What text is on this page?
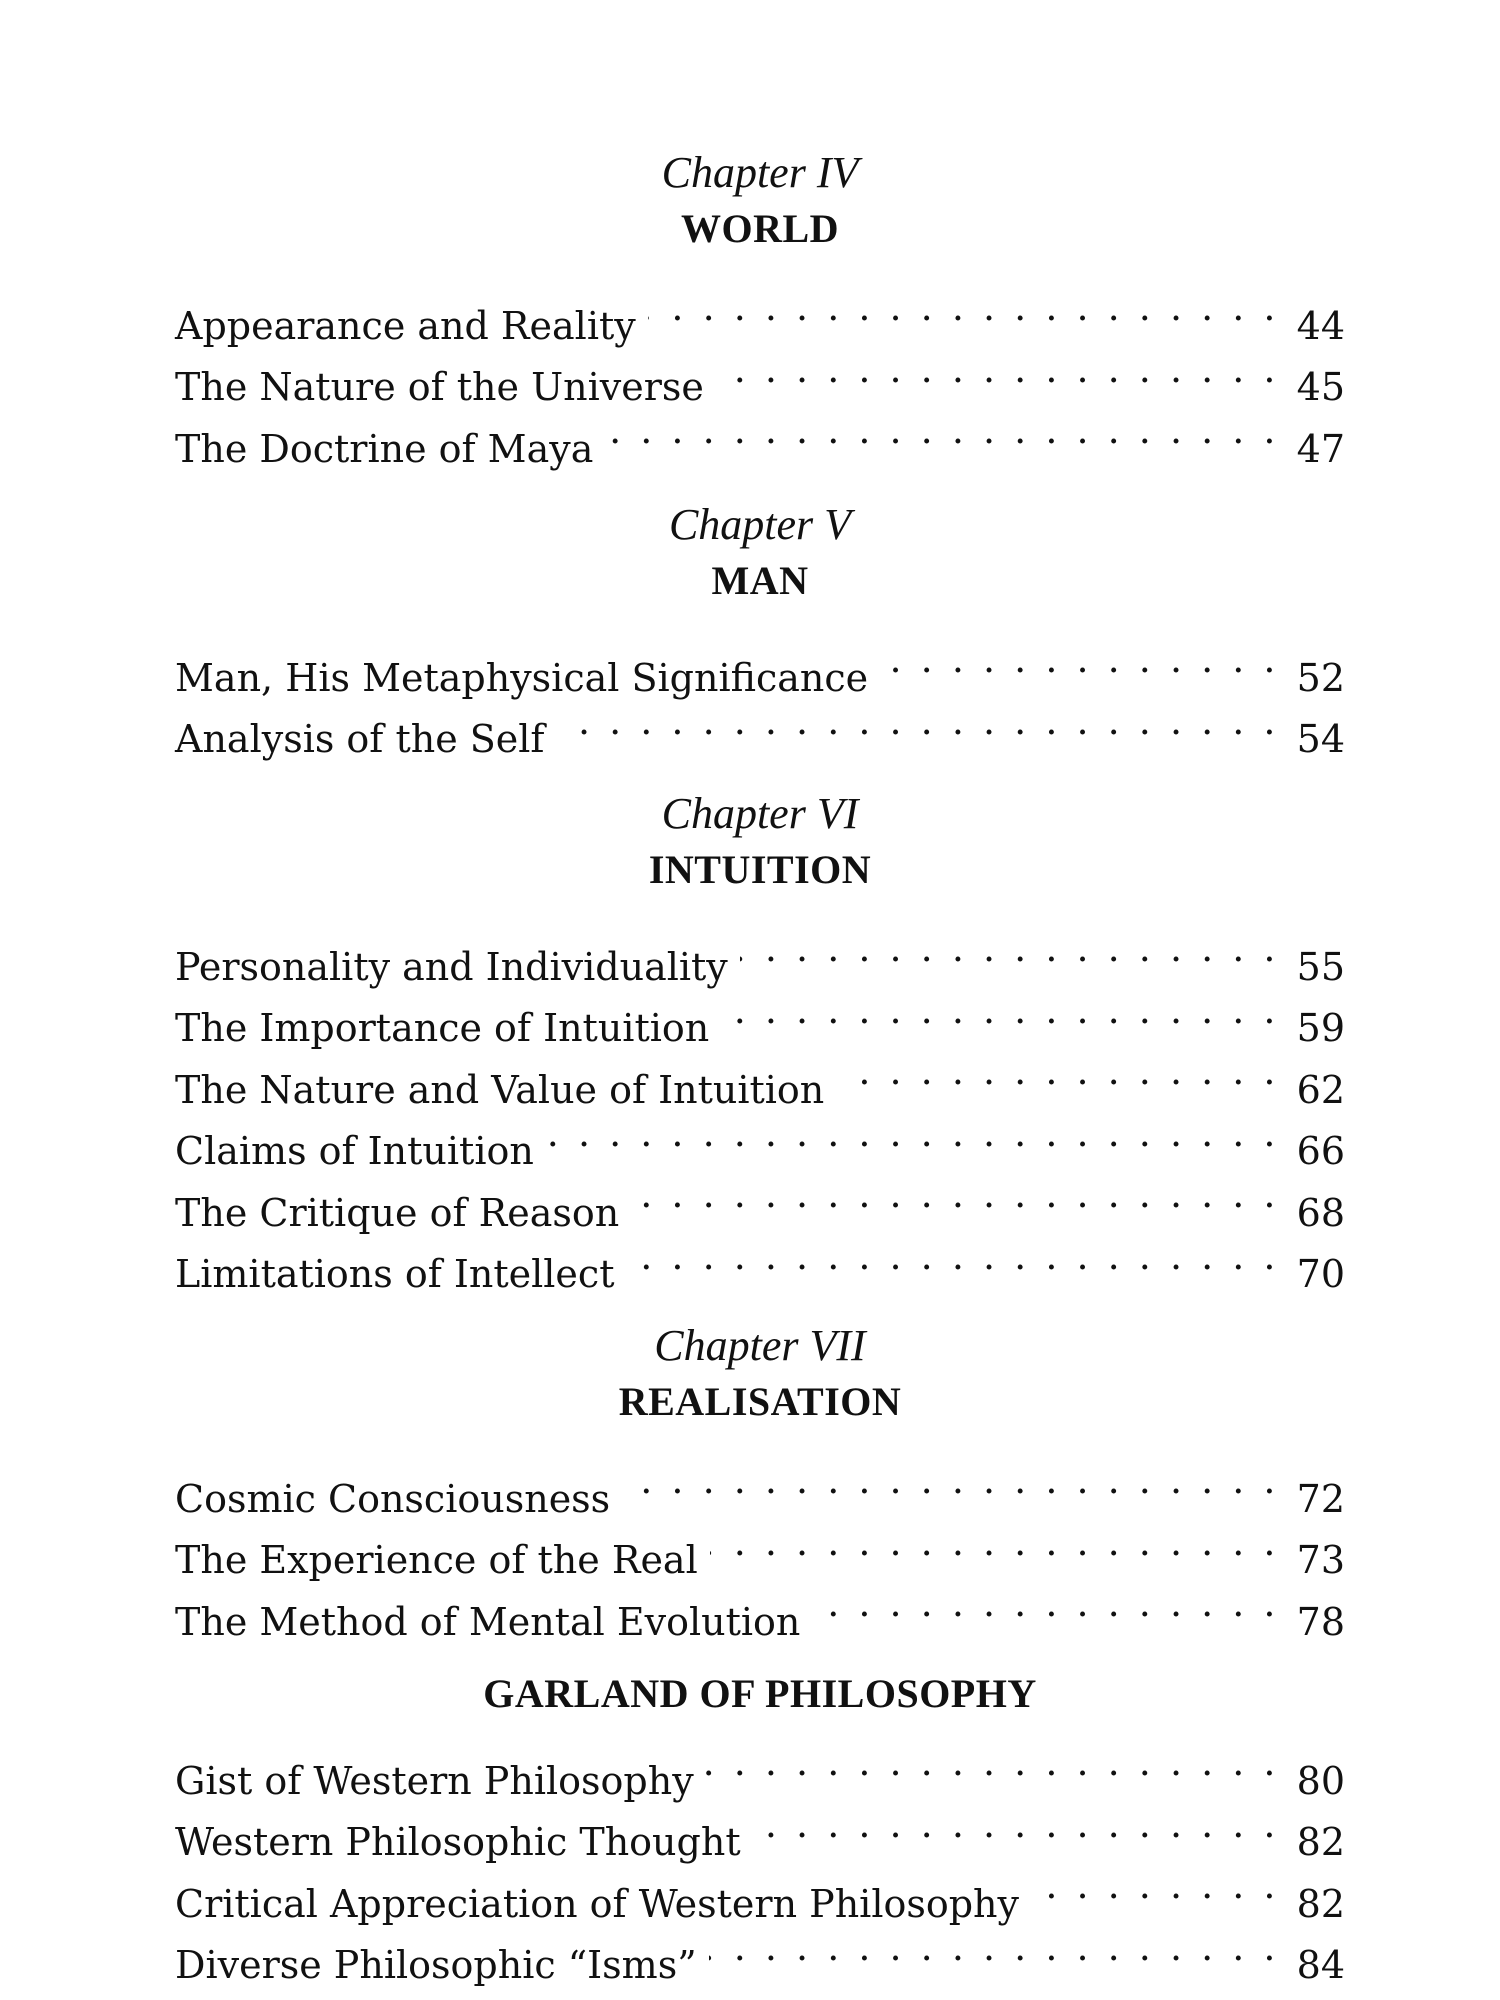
Chapter IV
WORLD
Appearance and Reality . . .	44
The Nature of the Universe . . .	45
The Doctrine of Maya . . .	47
Chapter V
MAN
Man, His Metaphysical Significance . . .	52
Analysis of the Self . . .	54
Chapter VI
INTUITION
Personality and Individuality . . .	55
The Importance of Intuition . . .	59
The Nature and Value of Intuition . . .	62
Claims of Intuition . . .	66
The Critique of Reason . . .	68
Limitations of Intellect . . .	70
Chapter VII
REALISATION
Cosmic Consciousness . . .	72
The Experience of the Real . . .	73
The Method of Mental Evolution . . .	78
GARLAND OF PHILOSOPHY
Gist of Western Philosophy . . .	80
Western Philosophic Thought . . .	82
Critical Appreciation of Western Philosophy . . .	82
Diverse Philosophic “Isms” . . .	84
